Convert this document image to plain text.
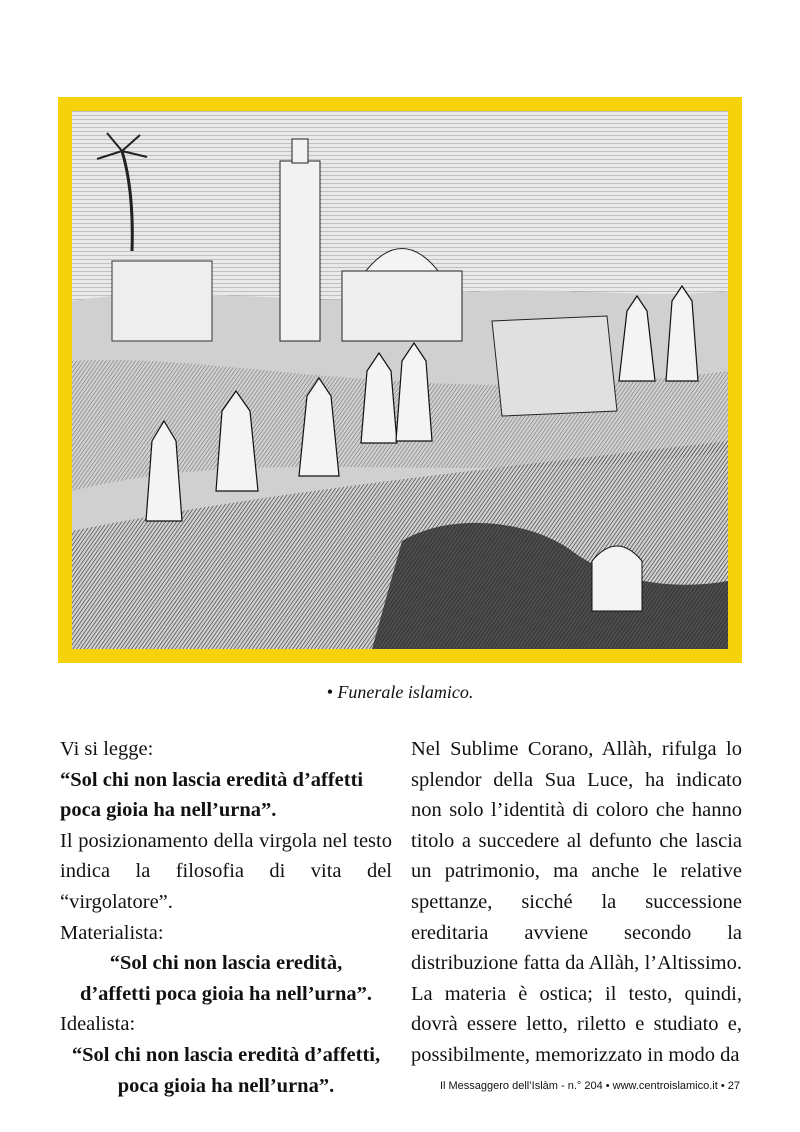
• Funerale islamico.

Vi si legge:

“Sol chi non lascia eredità d’affetti

poca gioia ha nell’urna”.

Il posizionamento della virgola nel testo indica la filosofia di vita del “virgolatore”.

Materialista:

“Sol chi non lascia eredità,

d’affetti poca gioia ha nell’urna”.

Idealista:

“Sol chi non lascia eredità d’affetti,

poca gioia ha nell’urna”.

Nel Sublime Corano, Allàh, rifulga lo splendor della Sua Luce, ha indicato non solo l’identità di coloro che hanno titolo a succedere al defunto che lascia un patrimonio, ma anche le relative spettanze, sicché la successione ereditaria avviene secondo la distribuzione fatta da Allàh, l’Altissimo. La materia è ostica; il testo, quindi, dovrà essere letto, riletto e studiato e, possibilmente, memorizzato in modo da

Il Messaggero dell’Islàm - n.° 204 • www.centroislamico.it • 27
